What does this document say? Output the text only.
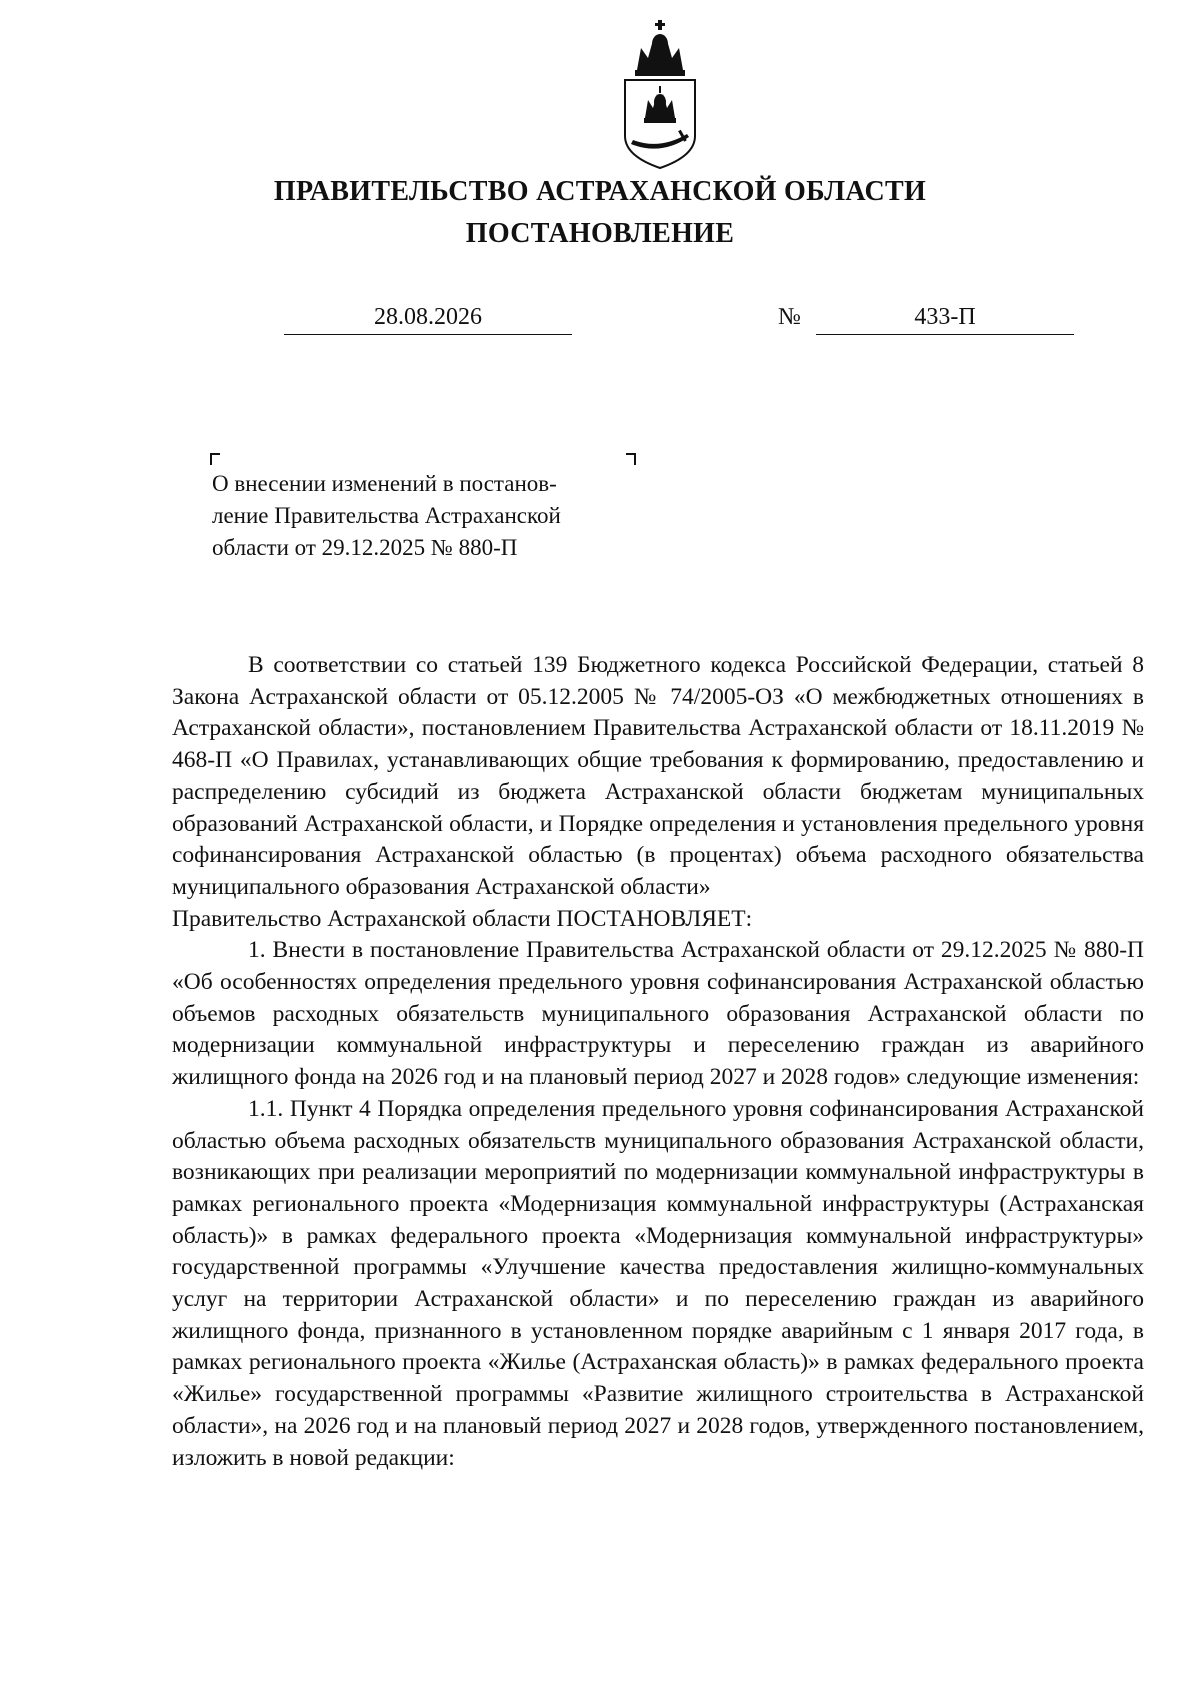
ПРАВИТЕЛЬСТВО АСТРАХАНСКОЙ ОБЛАСТИ
ПОСТАНОВЛЕНИЕ
28.08.2026	№	433-П
О внесении изменений в постанов-
ление Правительства Астраханской
области от 29.12.2025 № 880-П

В соответствии со статьей 139 Бюджетного кодекса Российской Федерации, статьей 8 Закона Астраханской области от 05.12.2005 № 74/2005-ОЗ «О межбюджетных отношениях в Астраханской области», постановлением Правительства Астраханской области от 18.11.2019 № 468-П «О Правилах, устанавливающих общие требования к формированию, предоставлению и распределению субсидий из бюджета Астраханской области бюджетам муниципальных образований Астраханской области, и Порядке определения и установления предельного уровня софинансирования Астраханской областью (в процентах) объема расходного обязательства муниципального образования Астраханской области»

Правительство Астраханской области ПОСТАНОВЛЯЕТ:

1. Внести в постановление Правительства Астраханской области от 29.12.2025 № 880-П «Об особенностях определения предельного уровня софинансирования Астраханской областью объемов расходных обязательств муниципального образования Астраханской области по модернизации коммунальной инфраструктуры и переселению граждан из аварийного жилищного фонда на 2026 год и на плановый период 2027 и 2028 годов» следующие изменения:

1.1. Пункт 4 Порядка определения предельного уровня софинансирования Астраханской областью объема расходных обязательств муниципального образования Астраханской области, возникающих при реализации мероприятий по модернизации коммунальной инфраструктуры в рамках регионального проекта «Модернизация коммунальной инфраструктуры (Астраханская область)» в рамках федерального проекта «Модернизация коммунальной инфраструктуры» государственной программы «Улучшение качества предоставления жилищно-коммунальных услуг на территории Астраханской области» и по переселению граждан из аварийного жилищного фонда, признанного в установленном порядке аварийным с 1 января 2017 года, в рамках регионального проекта «Жилье (Астраханская область)» в рамках федерального проекта «Жилье» государственной программы «Развитие жилищного строительства в Астраханской области», на 2026 год и на плановый период 2027 и 2028 годов, утвержденного постановлением, изложить в новой редакции:
